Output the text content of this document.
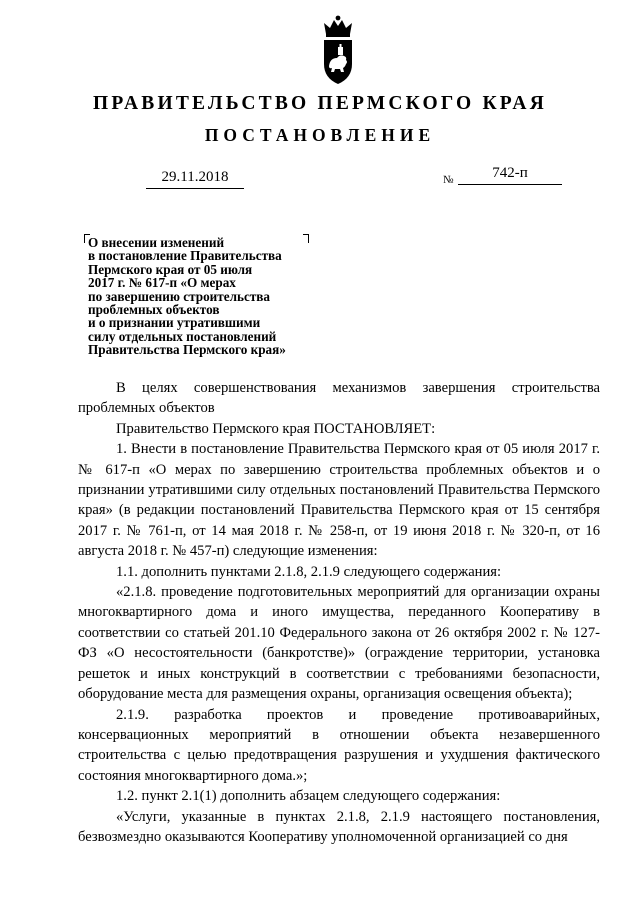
ПРАВИТЕЛЬСТВО ПЕРМСКОГО КРАЯ
ПОСТАНОВЛЕНИЕ
29.11.2018	№	742-п
О внесении изменений
в постановление Правительства
Пермского края от 05 июля
2017 г. № 617-п «О мерах
по завершению строительства
проблемных объектов
и о признании утратившими
силу отдельных постановлений
Правительства Пермского края»

В целях совершенствования механизмов завершения строительства проблемных объектов

Правительство Пермского края ПОСТАНОВЛЯЕТ:

1. Внести в постановление Правительства Пермского края от 05 июля 2017 г. № 617-п «О мерах по завершению строительства проблемных объектов и о признании утратившими силу отдельных постановлений Правительства Пермского края» (в редакции постановлений Правительства Пермского края от 15 сентября 2017 г. № 761-п, от 14 мая 2018 г. № 258-п, от 19 июня 2018 г. № 320-п, от 16 августа 2018 г. № 457-п) следующие изменения:

1.1. дополнить пунктами 2.1.8, 2.1.9 следующего содержания:

«2.1.8. проведение подготовительных мероприятий для организации охраны многоквартирного дома и иного имущества, переданного Кооперативу в соответствии со статьей 201.10 Федерального закона от 26 октября 2002 г. № 127-ФЗ «О несостоятельности (банкротстве)» (ограждение территории, установка решеток и иных конструкций в соответствии с требованиями безопасности, оборудование места для размещения охраны, организация освещения объекта);

2.1.9. разработка проектов и проведение противоаварийных, консервационных мероприятий в отношении объекта незавершенного строительства с целью предотвращения разрушения и ухудшения фактического состояния многоквартирного дома.»;

1.2. пункт 2.1(1) дополнить абзацем следующего содержания:

«Услуги, указанные в пунктах 2.1.8, 2.1.9 настоящего постановления, безвозмездно оказываются Кооперативу уполномоченной организацией со дня
